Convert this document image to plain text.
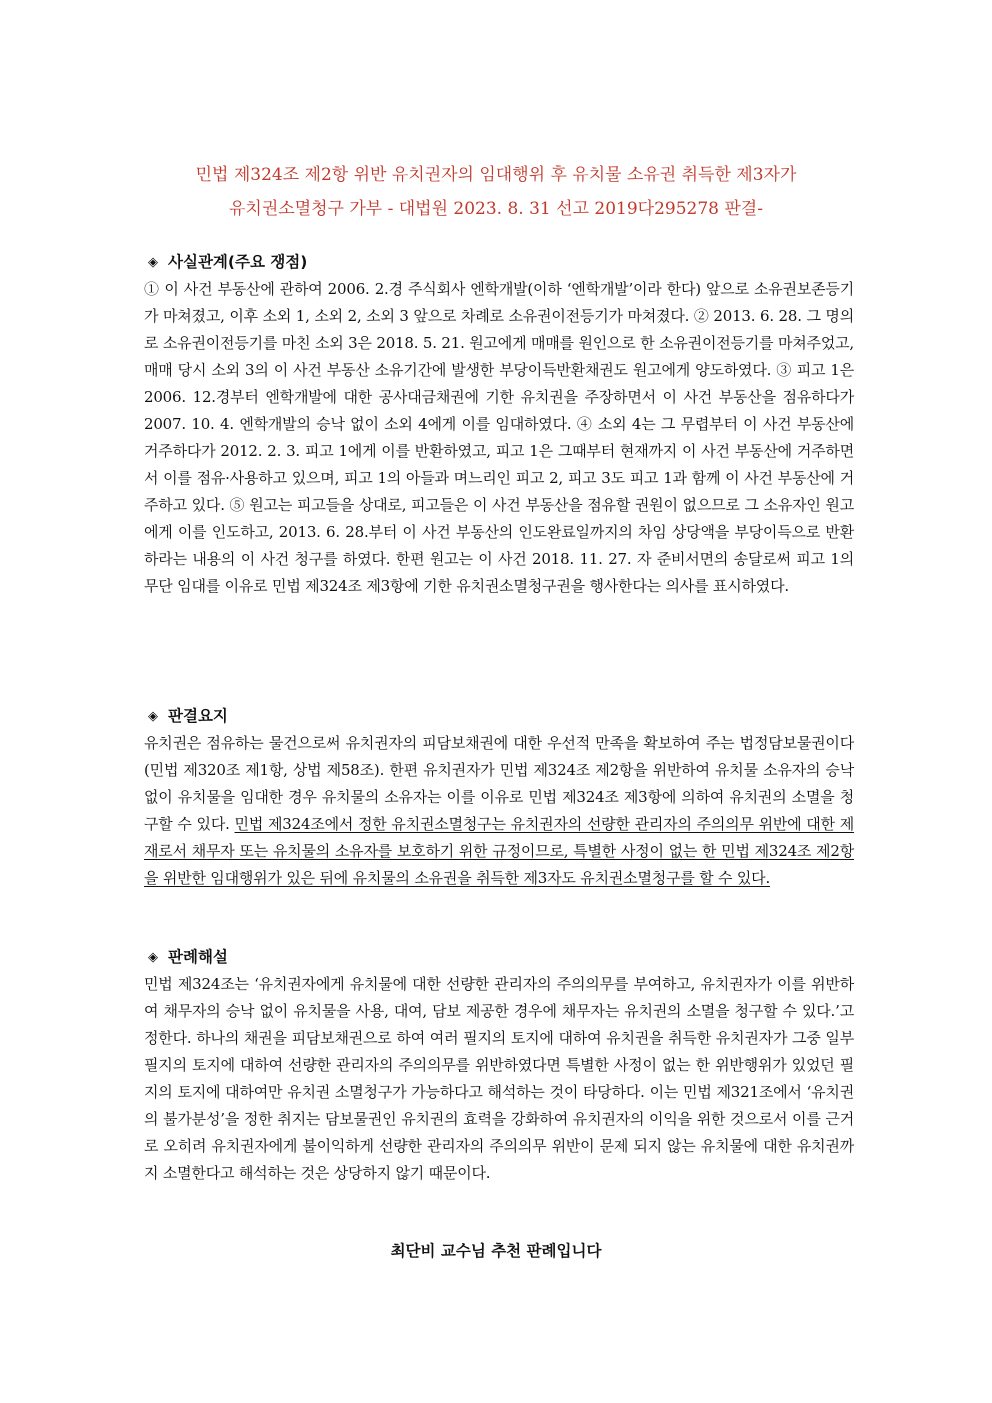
민법 제324조 제2항 위반 유치권자의 임대행위 후 유치물 소유권 취득한 제3자가
유치권소멸청구 가부 - 대법원 2023. 8. 31 선고 2019다295278 판결-
◈ 사실관계(주요 쟁점)
① 이 사건 부동산에 관하여 2006. 2.경 주식회사 엔학개발(이하 ‘엔학개발’이라 한다) 앞으로 소유권보존등기가 마쳐졌고, 이후 소외 1, 소외 2, 소외 3 앞으로 차례로 소유권이전등기가 마쳐졌다. ② 2013. 6. 28. 그 명의로 소유권이전등기를 마친 소외 3은 2018. 5. 21. 원고에게 매매를 원인으로 한 소유권이전등기를 마쳐주었고, 매매 당시 소외 3의 이 사건 부동산 소유기간에 발생한 부당이득반환채권도 원고에게 양도하였다. ③ 피고 1은 2006. 12.경부터 엔학개발에 대한 공사대금채권에 기한 유치권을 주장하면서 이 사건 부동산을 점유하다가 2007. 10. 4. 엔학개발의 승낙 없이 소외 4에게 이를 임대하였다. ④ 소외 4는 그 무렵부터 이 사건 부동산에 거주하다가 2012. 2. 3. 피고 1에게 이를 반환하였고, 피고 1은 그때부터 현재까지 이 사건 부동산에 거주하면서 이를 점유·사용하고 있으며, 피고 1의 아들과 며느리인 피고 2, 피고 3도 피고 1과 함께 이 사건 부동산에 거주하고 있다. ⑤ 원고는 피고들을 상대로, 피고들은 이 사건 부동산을 점유할 권원이 없으므로 그 소유자인 원고에게 이를 인도하고, 2013. 6. 28.부터 이 사건 부동산의 인도완료일까지의 차임 상당액을 부당이득으로 반환하라는 내용의 이 사건 청구를 하였다. 한편 원고는 이 사건 2018. 11. 27. 자 준비서면의 송달로써 피고 1의 무단 임대를 이유로 민법 제324조 제3항에 기한 유치권소멸청구권을 행사한다는 의사를 표시하였다.
◈ 판결요지
유치권은 점유하는 물건으로써 유치권자의 피담보채권에 대한 우선적 만족을 확보하여 주는 법정담보물권이다(민법 제320조 제1항, 상법 제58조). 한편 유치권자가 민법 제324조 제2항을 위반하여 유치물 소유자의 승낙 없이 유치물을 임대한 경우 유치물의 소유자는 이를 이유로 민법 제324조 제3항에 의하여 유치권의 소멸을 청구할 수 있다. 민법 제324조에서 정한 유치권소멸청구는 유치권자의 선량한 관리자의 주의의무 위반에 대한 제재로서 채무자 또는 유치물의 소유자를 보호하기 위한 규정이므로, 특별한 사정이 없는 한 민법 제324조 제2항을 위반한 임대행위가 있은 뒤에 유치물의 소유권을 취득한 제3자도 유치권소멸청구를 할 수 있다.
◈ 판례해설
민법 제324조는 ‘유치권자에게 유치물에 대한 선량한 관리자의 주의의무를 부여하고, 유치권자가 이를 위반하여 채무자의 승낙 없이 유치물을 사용, 대여, 담보 제공한 경우에 채무자는 유치권의 소멸을 청구할 수 있다.’고 정한다. 하나의 채권을 피담보채권으로 하여 여러 필지의 토지에 대하여 유치권을 취득한 유치권자가 그중 일부 필지의 토지에 대하여 선량한 관리자의 주의의무를 위반하였다면 특별한 사정이 없는 한 위반행위가 있었던 필지의 토지에 대하여만 유치권 소멸청구가 가능하다고 해석하는 것이 타당하다. 이는 민법 제321조에서 ‘유치권의 불가분성’을 정한 취지는 담보물권인 유치권의 효력을 강화하여 유치권자의 이익을 위한 것으로서 이를 근거로 오히려 유치권자에게 불이익하게 선량한 관리자의 주의의무 위반이 문제 되지 않는 유치물에 대한 유치권까지 소멸한다고 해석하는 것은 상당하지 않기 때문이다.
최단비 교수님 추천 판례입니다
